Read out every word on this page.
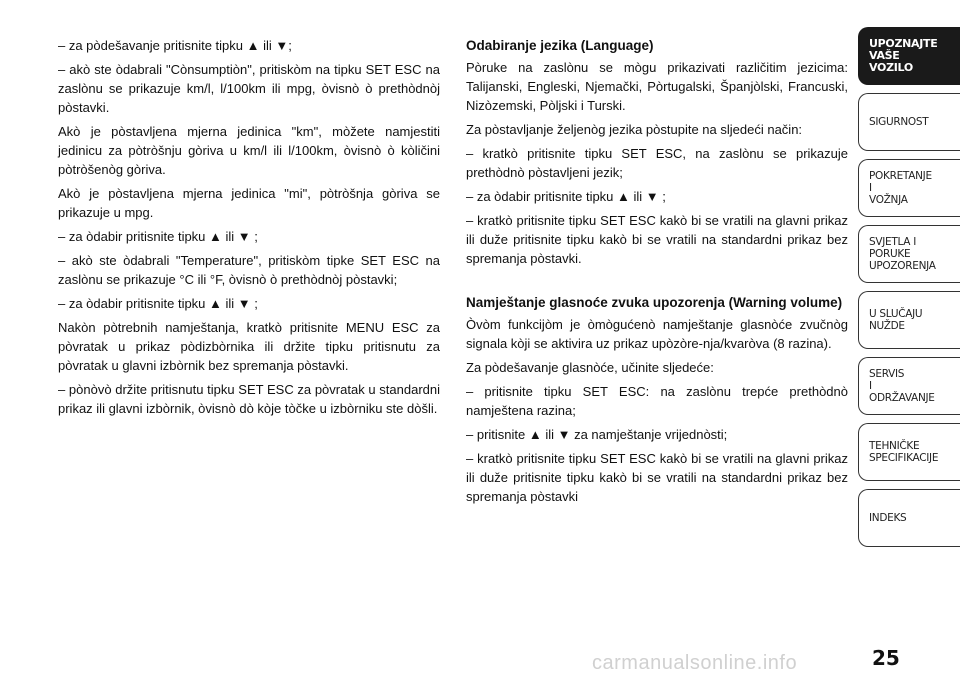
– za pòdešavanje pritisnite tipku ▲ ili ▼;

– akò ste òdabrali "Cònsumptiòn", pritiskòm na tipku SET ESC na zaslònu se prikazuje km/l, l/100km ili mpg, òvisnò ò prethòdnòj pòstavki.

Akò je pòstavljena mjerna jedinica "km", mòžete namjestiti jedinicu za pòtròšnju gòriva u km/l ili l/100km, òvisnò ò kòličini pòtròšenòg gòriva.

Akò je pòstavljena mjerna jedinica "mi", pòtròšnja gòriva se prikazuje u mpg.

– za òdabir pritisnite tipku ▲ ili ▼ ;

– akò ste òdabrali "Temperature", pritiskòm tipke SET ESC na zaslònu se prikazuje °C ili °F, òvisnò ò prethòdnòj pòstavki;

– za òdabir pritisnite tipku ▲ ili ▼ ;

Nakòn pòtrebnih namještanja, kratkò pritisnite MENU ESC za pòvratak u prikaz pòdizbòrnika ili držite tipku pritisnutu za pòvratak u glavni izbòrnik bez spremanja pòstavki.

– pònòvò držite pritisnutu tipku SET ESC za pòvratak u standardni prikaz ili glavni izbòrnik, òvisnò dò kòje tòčke u izbòrniku ste dòšli.

Odabiranje jezika (Language)

Pòruke na zaslònu se mògu prikazivati različitim jezicima: Talijanski, Engleski, Njemački, Pòrtugalski, Španjòlski, Francuski, Nizòzemski, Pòljski i Turski.

Za pòstavljanje željenòg jezika pòstupite na sljedeći način:

– kratkò pritisnite tipku SET ESC, na zaslònu se prikazuje prethòdnò pòstavljeni jezik;

– za òdabir pritisnite tipku ▲ ili ▼ ;

– kratkò pritisnite tipku SET ESC kakò bi se vratili na glavni prikaz ili duže pritisnite tipku kakò bi se vratili na standardni prikaz bez spremanja pòstavki.

Namještanje glasnoće zvuka upozorenja (Warning volume)

Òvòm funkcijòm je òmògućenò namještanje glasnòće zvučnòg signala kòji se aktivira uz prikaz upòzòre-nja/kvaròva (8 razina).

Za pòdešavanje glasnòće, učinite sljedeće:

– pritisnite tipku SET ESC: na zaslònu trepće prethòdnò namještena razina;

– pritisnite ▲ ili ▼ za namještanje vrijednòsti;

– kratkò pritisnite tipku SET ESC kakò bi se vratili na glavni prikaz ili duže pritisnite tipku kakò bi se vratili na standardni prikaz bez spremanja pòstavki

UPOZNAJTE
VAŠE
VOZILO
SIGURNOST
POKRETANJE
I
VOŽNJA
SVJETLA I
PORUKE
UPOZORENJA
U SLUČAJU
NUŽDE
SERVIS
I
ODRŽAVANJE
TEHNIČKE
SPECIFIKACIJE
INDEKS
25
carmanualsonline.info
